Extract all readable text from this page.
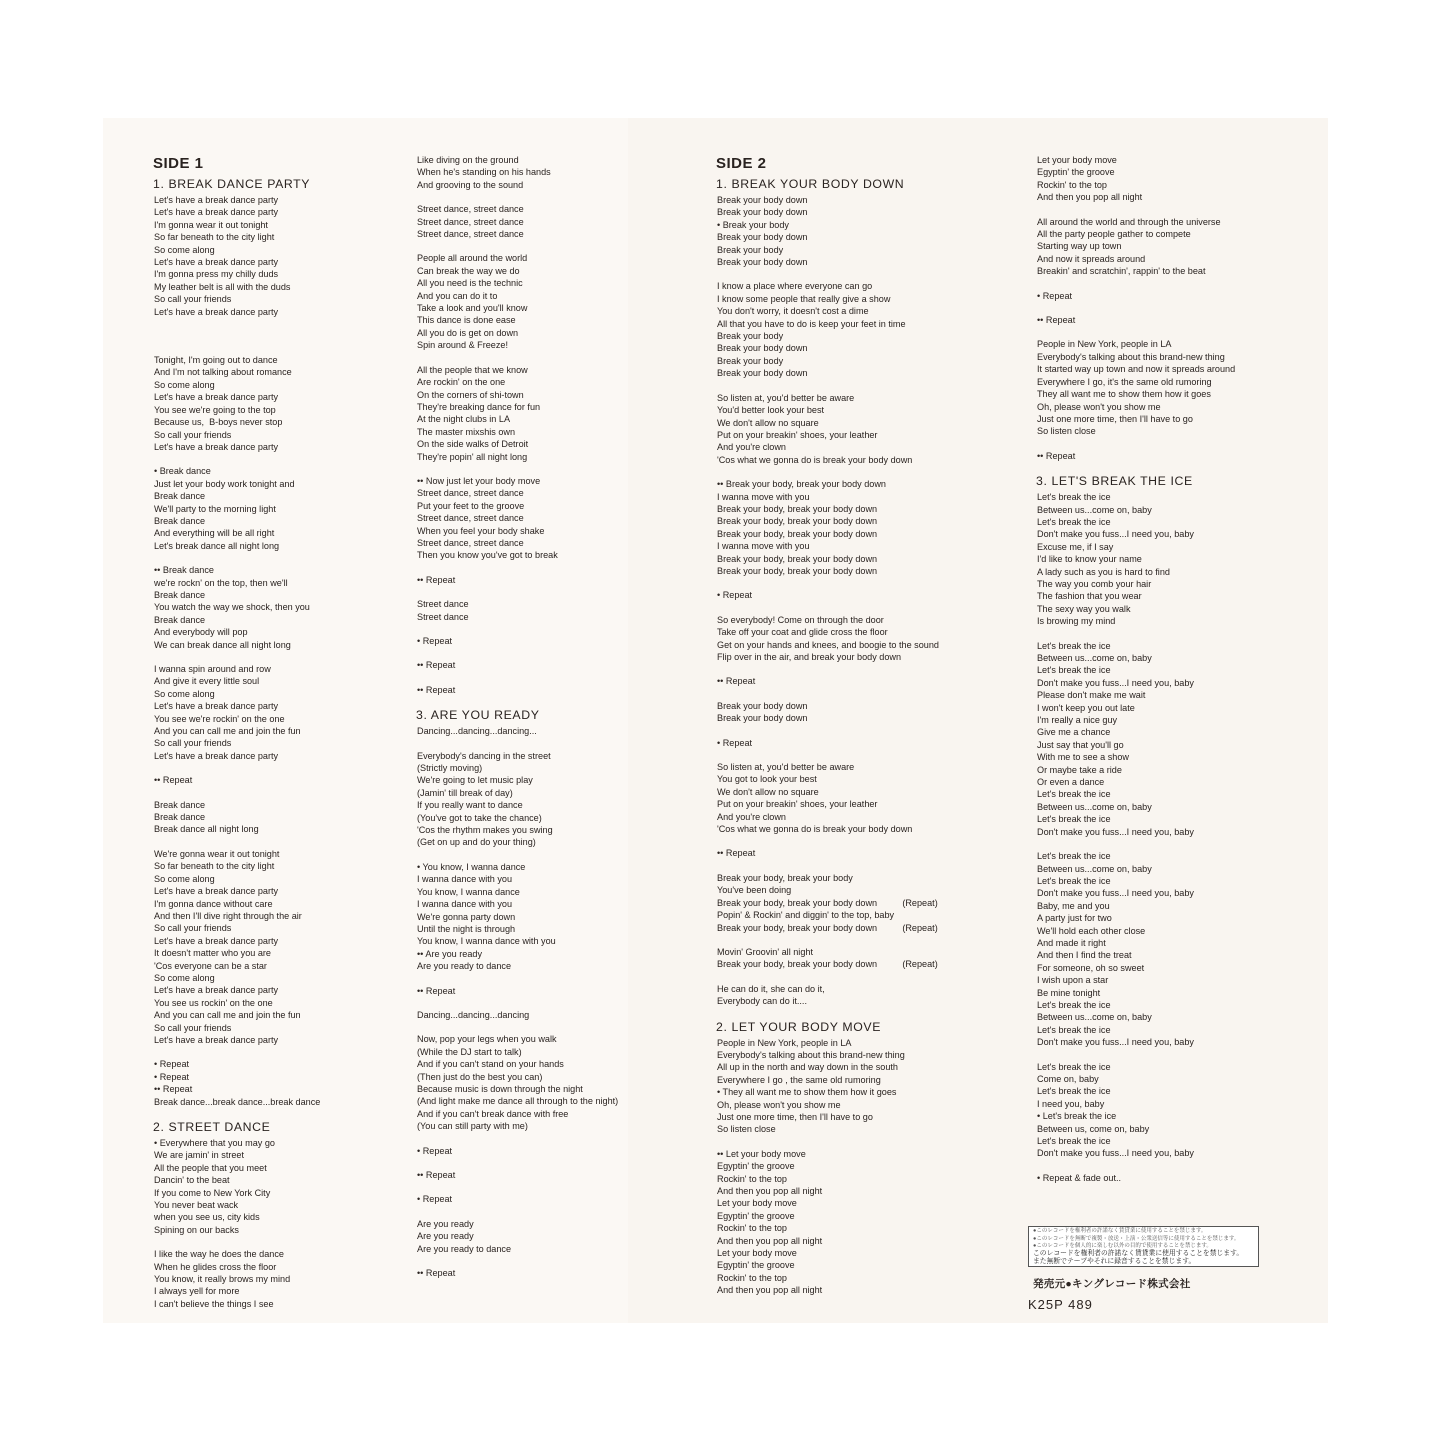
SIDE 1
1. BREAK DANCE PARTY
Let's have a break dance party
Let's have a break dance party
I'm gonna wear it out tonight
So far beneath to the city light
So come along
Let's have a break dance party
I'm gonna press my chilly duds
My leather belt is all with the duds
So call your friends
Let's have a break dance party
Tonight, I'm going out to dance
And I'm not talking about romance
So come along
Let's have a break dance party
You see we're going to the top
Because us,  B-boys never stop
So call your friends
Let's have a break dance party
• Break dance
Just let your body work tonight and
Break dance
We'll party to the morning light
Break dance
And everything will be all right
Let's break dance all night long
•• Break dance
we're rockn' on the top, then we'll
Break dance
You watch the way we shock, then you
Break dance
And everybody will pop
We can break dance all night long
I wanna spin around and row
And give it every little soul
So come along
Let's have a break dance party
You see we're rockin' on the one
And you can call me and join the fun
So call your friends
Let's have a break dance party
•• Repeat
Break dance
Break dance
Break dance all night long
We're gonna wear it out tonight
So far beneath to the city light
So come along
Let's have a break dance party
I'm gonna dance without care
And then I'll dive right through the air
So call your friends
Let's have a break dance party
It doesn't matter who you are
'Cos everyone can be a star
So come along
Let's have a break dance party
You see us rockin' on the one
And you can call me and join the fun
So call your friends
Let's have a break dance party
• Repeat
• Repeat
•• Repeat
Break dance...break dance...break dance
2. STREET DANCE
• Everywhere that you may go
We are jamin' in street
All the people that you meet
Dancin' to the beat
If you come to New York City
You never beat wack
when you see us, city kids
Spining on our backs
I like the way he does the dance
When he glides cross the floor
You know, it really brows my mind
I always yell for more
I can't believe the things I see
Like diving on the ground
When he's standing on his hands
And grooving to the sound
Street dance, street dance
Street dance, street dance
Street dance, street dance
People all around the world
Can break the way we do
All you need is the technic
And you can do it to
Take a look and you'll know
This dance is done ease
All you do is get on down
Spin around & Freeze!
All the people that we know
Are rockin' on the one
On the corners of shi-town
They're breaking dance for fun
At the night clubs in LA
The master mixshis own
On the side walks of Detroit
They're popin' all night long
•• Now just let your body move
Street dance, street dance
Put your feet to the groove
Street dance, street dance
When you feel your body shake
Street dance, street dance
Then you know you've got to break
•• Repeat
Street dance
Street dance
• Repeat
•• Repeat
•• Repeat
3. ARE YOU READY
Dancing...dancing...dancing...
Everybody's dancing in the street
(Strictly moving)
We're going to let music play
(Jamin' till break of day)
If you really want to dance
(You've got to take the chance)
'Cos the rhythm makes you swing
(Get on up and do your thing)
• You know, I wanna dance
I wanna dance with you
You know, I wanna dance
I wanna dance with you
We're gonna party down
Until the night is through
You know, I wanna dance with you
•• Are you ready
Are you ready to dance
•• Repeat
Dancing...dancing...dancing
Now, pop your legs when you walk
(While the DJ start to talk)
And if you can't stand on your hands
(Then just do the best you can)
Because music is down through the night
(And light make me dance all through to the night)
And if you can't break dance with free
(You can still party with me)
• Repeat
•• Repeat
• Repeat
Are you ready
Are you ready
Are you ready to dance
•• Repeat
SIDE 2
1. BREAK YOUR BODY DOWN
Break your body down
Break your body down
• Break your body
Break your body down
Break your body
Break your body down
I know a place where everyone can go
I know some people that really give a show
You don't worry, it doesn't cost a dime
All that you have to do is keep your feet in time
Break your body
Break your body down
Break your body
Break your body down
So listen at, you'd better be aware
You'd better look your best
We don't allow no square
Put on your breakin' shoes, your leather
And you're clown
'Cos what we gonna do is break your body down
•• Break your body, break your body down
I wanna move with you
Break your body, break your body down
Break your body, break your body down
Break your body, break your body down
I wanna move with you
Break your body, break your body down
Break your body, break your body down
• Repeat
So everybody! Come on through the door
Take off your coat and glide cross the floor
Get on your hands and knees, and boogie to the sound
Flip over in the air, and break your body down
•• Repeat
Break your body down
Break your body down
• Repeat
So listen at, you'd better be aware
You got to look your best
We don't allow no square
Put on your breakin' shoes, your leather
And you're clown
'Cos what we gonna do is break your body down
•• Repeat
Break your body, break your body
You've been doing
Break your body, break your body down          (Repeat)
Popin' & Rockin' and diggin' to the top, baby
Break your body, break your body down          (Repeat)
Movin' Groovin' all night
Break your body, break your body down          (Repeat)
He can do it, she can do it,
Everybody can do it....
2. LET YOUR BODY MOVE
People in New York, people in LA
Everybody's talking about this brand-new thing
All up in the north and way down in the south
Everywhere I go , the same old rumoring
• They all want me to show them how it goes
Oh, please won't you show me
Just one more time, then I'll have to go
So listen close
•• Let your body move
Egyptin' the groove
Rockin' to the top
And then you pop all night
Let your body move
Egyptin' the groove
Rockin' to the top
And then you pop all night
Let your body move
Egyptin' the groove
Rockin' to the top
And then you pop all night
Let your body move
Egyptin' the groove
Rockin' to the top
And then you pop all night
All around the world and through the universe
All the party people gather to compete
Starting way up town
And now it spreads around
Breakin' and scratchin', rappin' to the beat
• Repeat
•• Repeat
People in New York, people in LA
Everybody's talking about this brand-new thing
It started way up town and now it spreads around
Everywhere I go, it's the same old rumoring
They all want me to show them how it goes
Oh, please won't you show me
Just one more time, then I'll have to go
So listen close
•• Repeat
3. LET'S BREAK THE ICE
Let's break the ice
Between us...come on, baby
Let's break the ice
Don't make you fuss...I need you, baby
Excuse me, if I say
I'd like to know your name
A lady such as you is hard to find
The way you comb your hair
The fashion that you wear
The sexy way you walk
Is browing my mind
Let's break the ice
Between us...come on, baby
Let's break the ice
Don't make you fuss...I need you, baby
Please don't make me wait
I won't keep you out late
I'm really a nice guy
Give me a chance
Just say that you'll go
With me to see a show
Or maybe take a ride
Or even a dance
Let's break the ice
Between us...come on, baby
Let's break the ice
Don't make you fuss...I need you, baby
Let's break the ice
Between us...come on, baby
Let's break the ice
Don't make you fuss...I need you, baby
Baby, me and you
A party just for two
We'll hold each other close
And made it right
And then I find the treat
For someone, oh so sweet
I wish upon a star
Be mine tonight
Let's break the ice
Between us...come on, baby
Let's break the ice
Don't make you fuss...I need you, baby
Let's break the ice
Come on, baby
Let's break the ice
I need you, baby
• Let's break the ice
Between us, come on, baby
Let's break the ice
Don't make you fuss...I need you, baby
• Repeat & fade out..
●このレコードを権利者の許諾なく賃貸業に使用することを禁じます。
●このレコードを無断で複製・放送・上演・公衆送信等に使用することを禁じます。
●このレコードを個人的に楽しむ以外の目的で使用することを禁じます。
このレコードを権利者の許諾なく賃貸業に使用することを禁じます。
また無断でテープやそれに録音することを禁じます。
発売元●キングレコード株式会社
K25P 489
